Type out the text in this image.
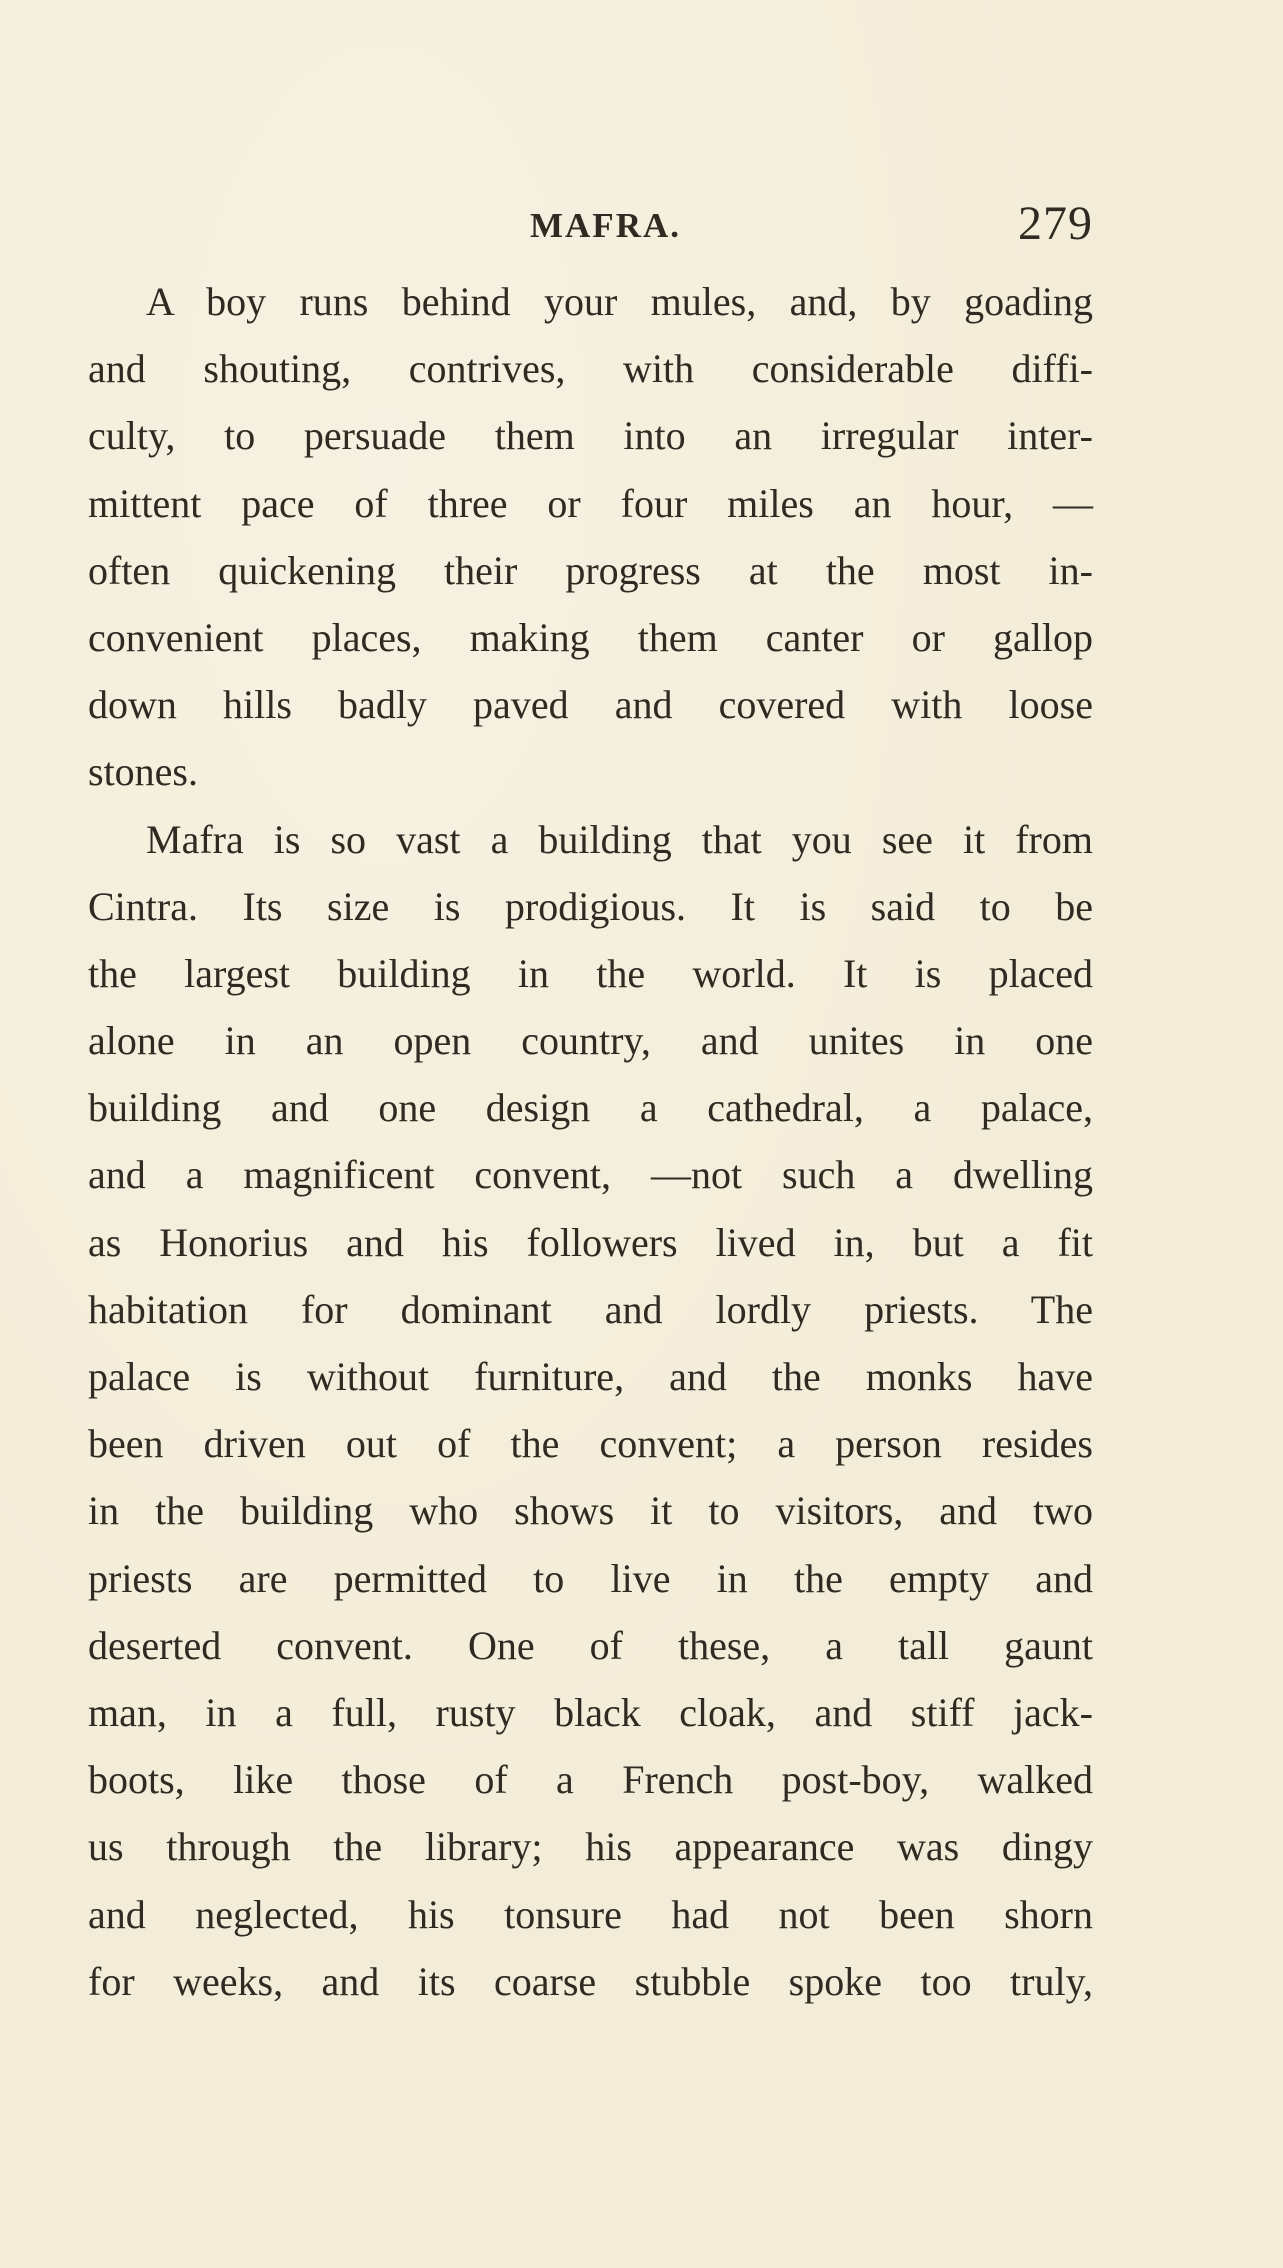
MAFRA.	279
A boy runs behind your mules, and, by goading
and shouting, contrives, with considerable diffi-
culty, to persuade them into an irregular inter-
mittent pace of three or four miles an hour, —
often quickening their progress at the most in-
convenient places, making them canter or gallop
down hills badly paved and covered with loose
stones.
Mafra is so vast a building that you see it from
Cintra. Its size is prodigious. It is said to be
the largest building in the world. It is placed
alone in an open country, and unites in one
building and one design a cathedral, a palace,
and a magnificent convent, —not such a dwelling
as Honorius and his followers lived in, but a fit
habitation for dominant and lordly priests. The
palace is without furniture, and the monks have
been driven out of the convent; a person resides
in the building who shows it to visitors, and two
priests are permitted to live in the empty and
deserted convent. One of these, a tall gaunt
man, in a full, rusty black cloak, and stiff jack-
boots, like those of a French post-boy, walked
us through the library; his appearance was dingy
and neglected, his tonsure had not been shorn
for weeks, and its coarse stubble spoke too truly,
